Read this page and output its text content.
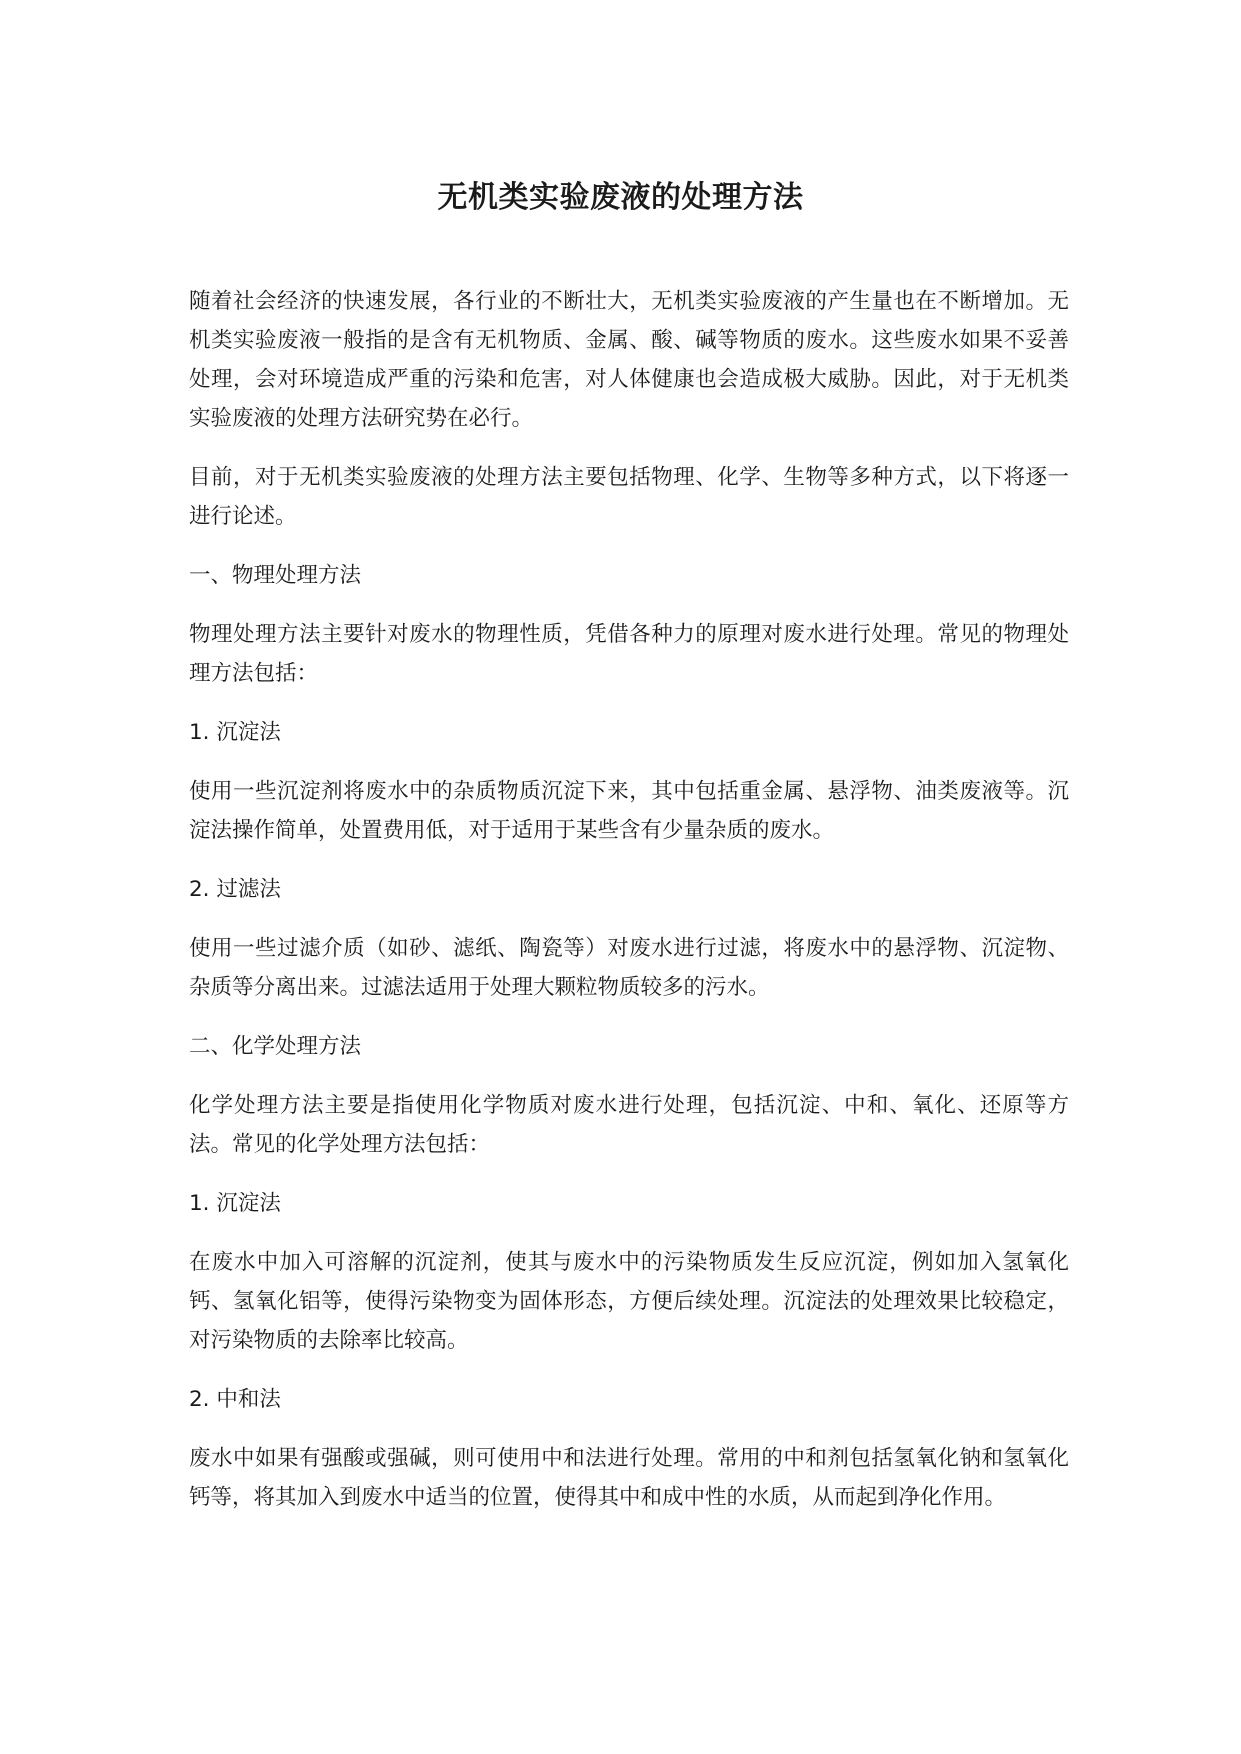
无机类实验废液的处理方法

随着社会经济的快速发展，各行业的不断壮大，无机类实验废液的产生量也在不断增加。无机类实验废液一般指的是含有无机物质、金属、酸、碱等物质的废水。这些废水如果不妥善处理，会对环境造成严重的污染和危害，对人体健康也会造成极大威胁。因此，对于无机类实验废液的处理方法研究势在必行。

目前，对于无机类实验废液的处理方法主要包括物理、化学、生物等多种方式，以下将逐一进行论述。

一、物理处理方法

物理处理方法主要针对废水的物理性质，凭借各种力的原理对废水进行处理。常见的物理处理方法包括：

1. 沉淀法

使用一些沉淀剂将废水中的杂质物质沉淀下来，其中包括重金属、悬浮物、油类废液等。沉淀法操作简单，处置费用低，对于适用于某些含有少量杂质的废水。

2. 过滤法

使用一些过滤介质（如砂、滤纸、陶瓷等）对废水进行过滤，将废水中的悬浮物、沉淀物、杂质等分离出来。过滤法适用于处理大颗粒物质较多的污水。

二、化学处理方法

化学处理方法主要是指使用化学物质对废水进行处理，包括沉淀、中和、氧化、还原等方法。常见的化学处理方法包括：

1. 沉淀法

在废水中加入可溶解的沉淀剂，使其与废水中的污染物质发生反应沉淀，例如加入氢氧化钙、氢氧化铝等，使得污染物变为固体形态，方便后续处理。沉淀法的处理效果比较稳定，对污染物质的去除率比较高。

2. 中和法

废水中如果有强酸或强碱，则可使用中和法进行处理。常用的中和剂包括氢氧化钠和氢氧化钙等，将其加入到废水中适当的位置，使得其中和成中性的水质，从而起到净化作用。
